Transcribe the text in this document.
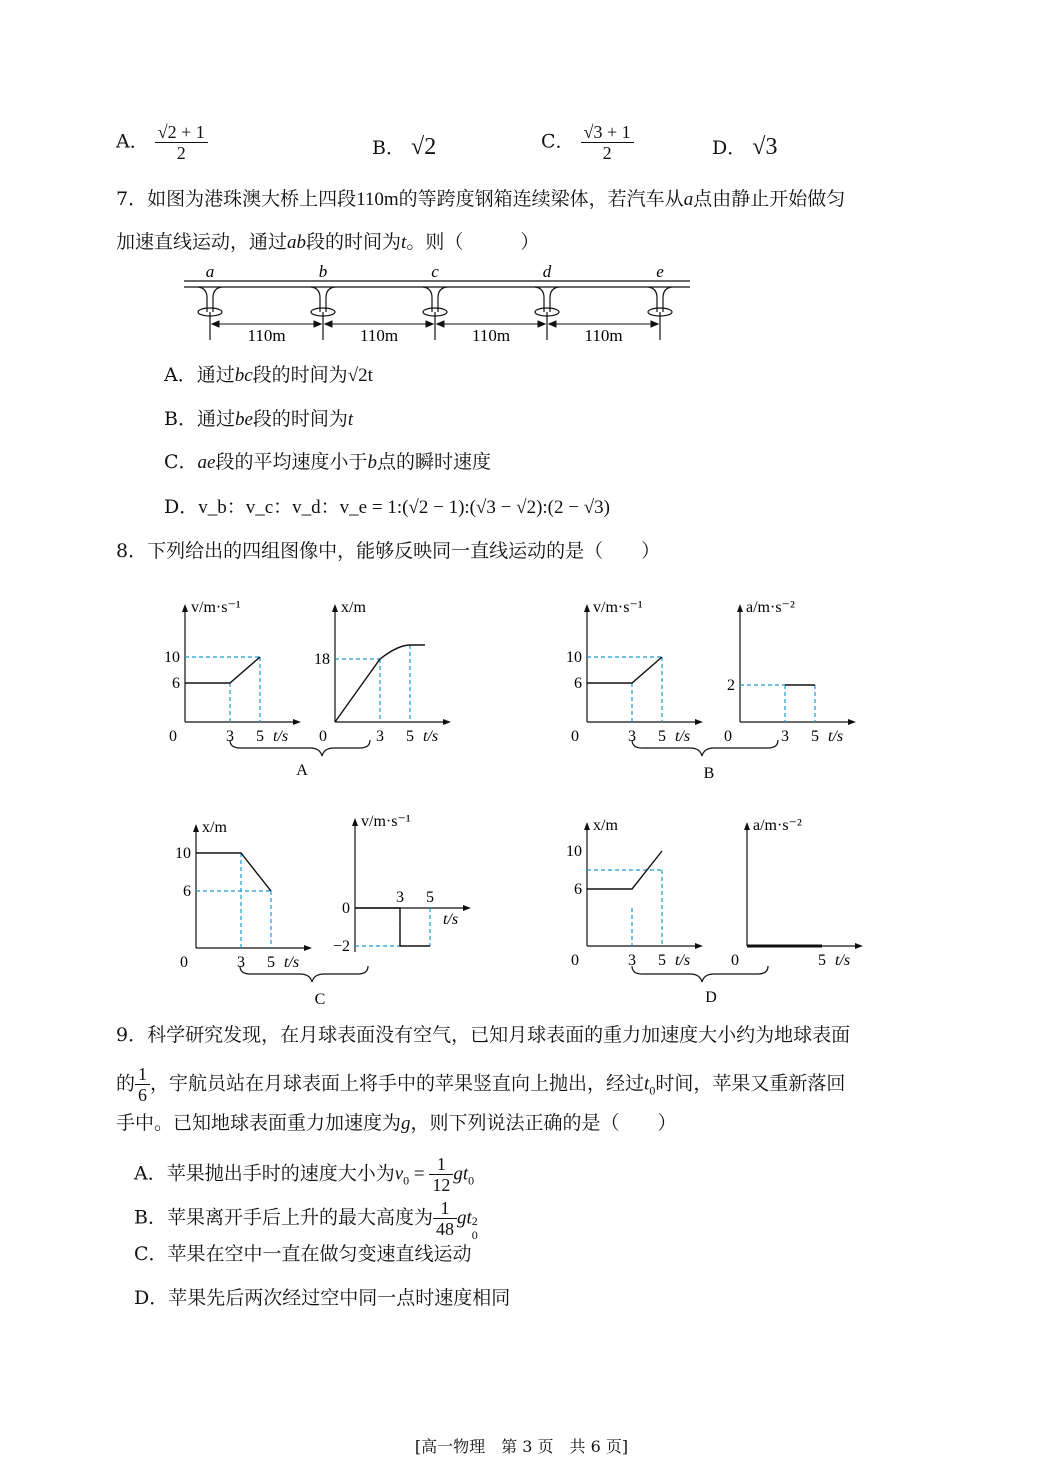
A． $\frac{√2 + 1}{2}$	B． √2	C． $\frac{√3 + 1}{2}$	D． √3
7．如图为港珠澳大桥上四段110m的等跨度钢箱连续梁体，若汽车从a点由静止开始做匀
加速直线运动，通过ab段的时间为t。则（　　　）
a	b	c	d	e
110m	110m	110m	110m
A．通过bc段的时间为√2t
B．通过be段的时间为t
C．ae段的平均速度小于b点的瞬时速度
D．v_b：v_c：v_d：v_e = 1:(√2 − 1):(√3 − √2):(2 − √3)
8．下列给出的四组图像中，能够反映同一直线运动的是（　　）
v/m·s⁻¹
t/s
3 5
0
6
10
x/m
t/s
3 5
0
18
A
v/m·s⁻¹
t/s
3 5
0
6
10
a/m·s⁻²
t/s
3 5
0
2
B
x/m
t/s
3 5
0
6
10
v/m·s⁻¹
t/s
3 5
0
−2
C
x/m
t/s
3 5
0
6
10
a/m·s⁻²
t/s
5
0
D
9．科学研究发现，在月球表面没有空气，已知月球表面的重力加速度大小约为地球表面
的 $\frac{1}{6}$ ，宇航员站在月球表面上将手中的苹果竖直向上抛出，经过$t_0$时间，苹果又重新落回
手中。已知地球表面重力加速度为g，则下列说法正确的是（　　）
A．苹果抛出手时的速度大小为$v_0 = \frac{1}{12} gt_0$
B．苹果离开手后上升的最大高度为 $\frac{1}{48}$ gt 2
0
C．苹果在空中一直在做匀变速直线运动
D．苹果先后两次经过空中同一点时速度相同
[高一物理　第 3 页　共 6 页]
